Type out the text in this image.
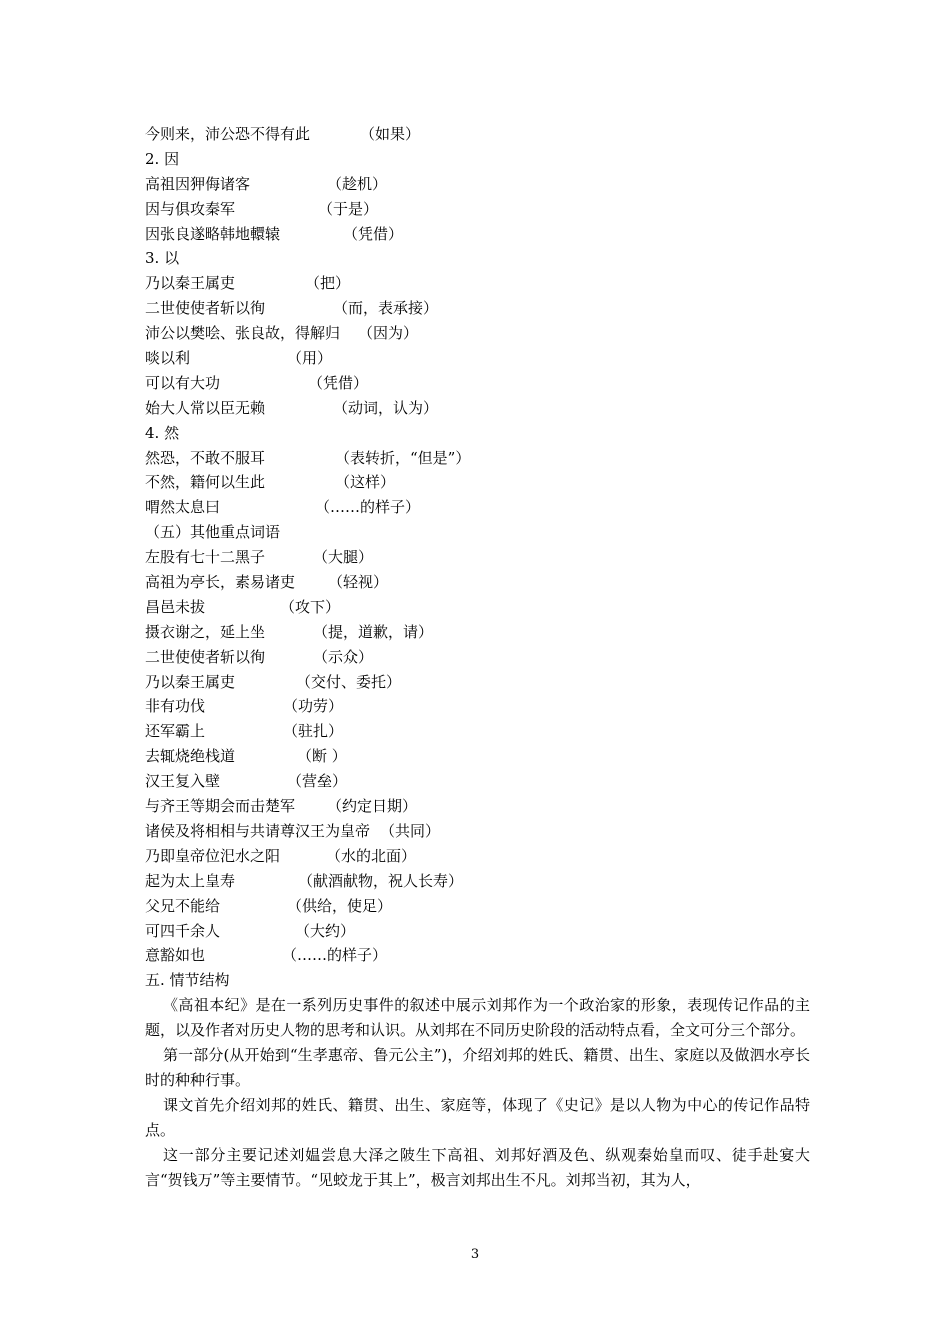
今则来，沛公恐不得有此	（如果）
2. 因
高祖因狎侮诸客	（趁机）
因与俱攻秦军	（于是）
因张良遂略韩地轘辕	（凭借）
3. 以
乃以秦王属吏	（把）
二世使使者斩以徇	（而，表承接）
沛公以樊哙、张良故，得解归 （因为）
啖以利	（用）
可以有大功	（凭借）
始大人常以臣无赖	（动词，认为）
4. 然
然恐，不敢不服耳	（表转折，“但是”）
不然，籍何以生此	（这样）
喟然太息曰	（……的样子）
（五）其他重点词语
左股有七十二黑子	（大腿）
高祖为亭长，素易诸吏 （轻视）
昌邑未拔	（攻下）
摄衣谢之，延上坐	（提，道歉，请）
二世使使者斩以徇	（示众）
乃以秦王属吏	（交付、委托）
非有功伐	（功劳）
还军霸上	（驻扎）
去辄烧绝栈道	（断 ）
汉王复入壁	（营垒）
与齐王等期会而击楚军 （约定日期）
诸侯及将相相与共请尊汉王为皇帝 （共同）
乃即皇帝位汜水之阳	（水的北面）
起为太上皇寿	（献酒献物，祝人长寿）
父兄不能给	（供给，使足）
可四千余人	（大约）
意豁如也	（……的样子）
五. 情节结构

《高祖本纪》是在一系列历史事件的叙述中展示刘邦作为一个政治家的形象，表现传记作品的主题，以及作者对历史人物的思考和认识。从刘邦在不同历史阶段的活动特点看，全文可分三个部分。

第一部分(从开始到“生孝惠帝、鲁元公主”)，介绍刘邦的姓氏、籍贯、出生、家庭以及做泗水亭长时的种种行事。

课文首先介绍刘邦的姓氏、籍贯、出生、家庭等，体现了《史记》是以人物为中心的传记作品特点。

这一部分主要记述刘媪尝息大泽之陂生下高祖、刘邦好酒及色、纵观秦始皇而叹、徒手赴宴大言“贺钱万”等主要情节。“见蛟龙于其上”，极言刘邦出生不凡。刘邦当初，其为人，

3
